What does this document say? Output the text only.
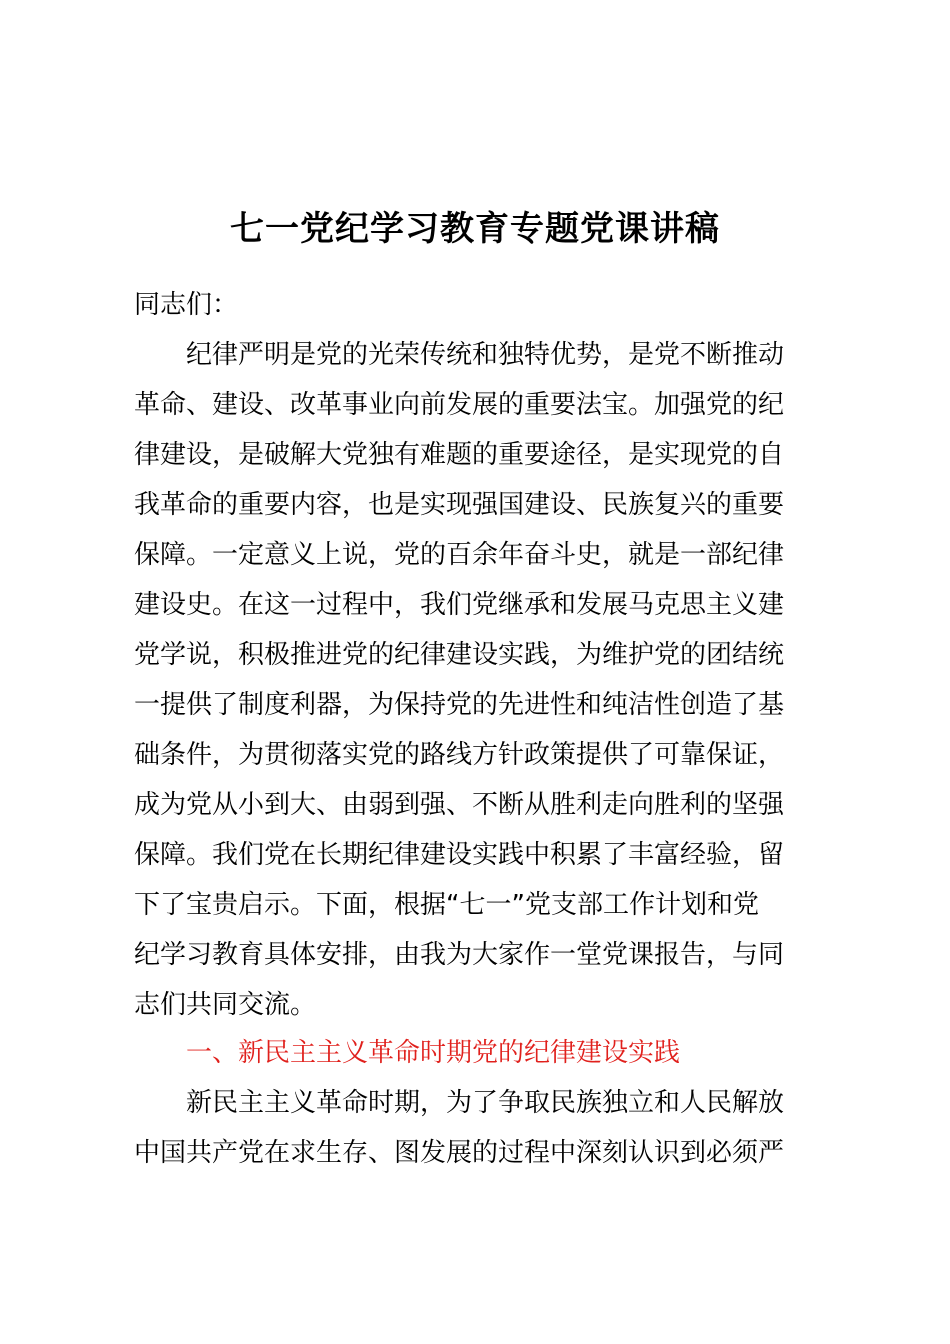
七一党纪学习教育专题党课讲稿
同志们：
纪律严明是党的光荣传统和独特优势，是党不断推动
革命、建设、改革事业向前发展的重要法宝。加强党的纪
律建设，是破解大党独有难题的重要途径，是实现党的自
我革命的重要内容，也是实现强国建设、民族复兴的重要
保障。一定意义上说，党的百余年奋斗史，就是一部纪律
建设史。在这一过程中，我们党继承和发展马克思主义建
党学说，积极推进党的纪律建设实践，为维护党的团结统
一提供了制度利器，为保持党的先进性和纯洁性创造了基
础条件，为贯彻落实党的路线方针政策提供了可靠保证，
成为党从小到大、由弱到强、不断从胜利走向胜利的坚强
保障。我们党在长期纪律建设实践中积累了丰富经验，留
下了宝贵启示。下面，根据“七一”党支部工作计划和党
纪学习教育具体安排，由我为大家作一堂党课报告，与同
志们共同交流。
一、新民主主义革命时期党的纪律建设实践
新民主主义革命时期，为了争取民族独立和人民解放
中国共产党在求生存、图发展的过程中深刻认识到必须严
